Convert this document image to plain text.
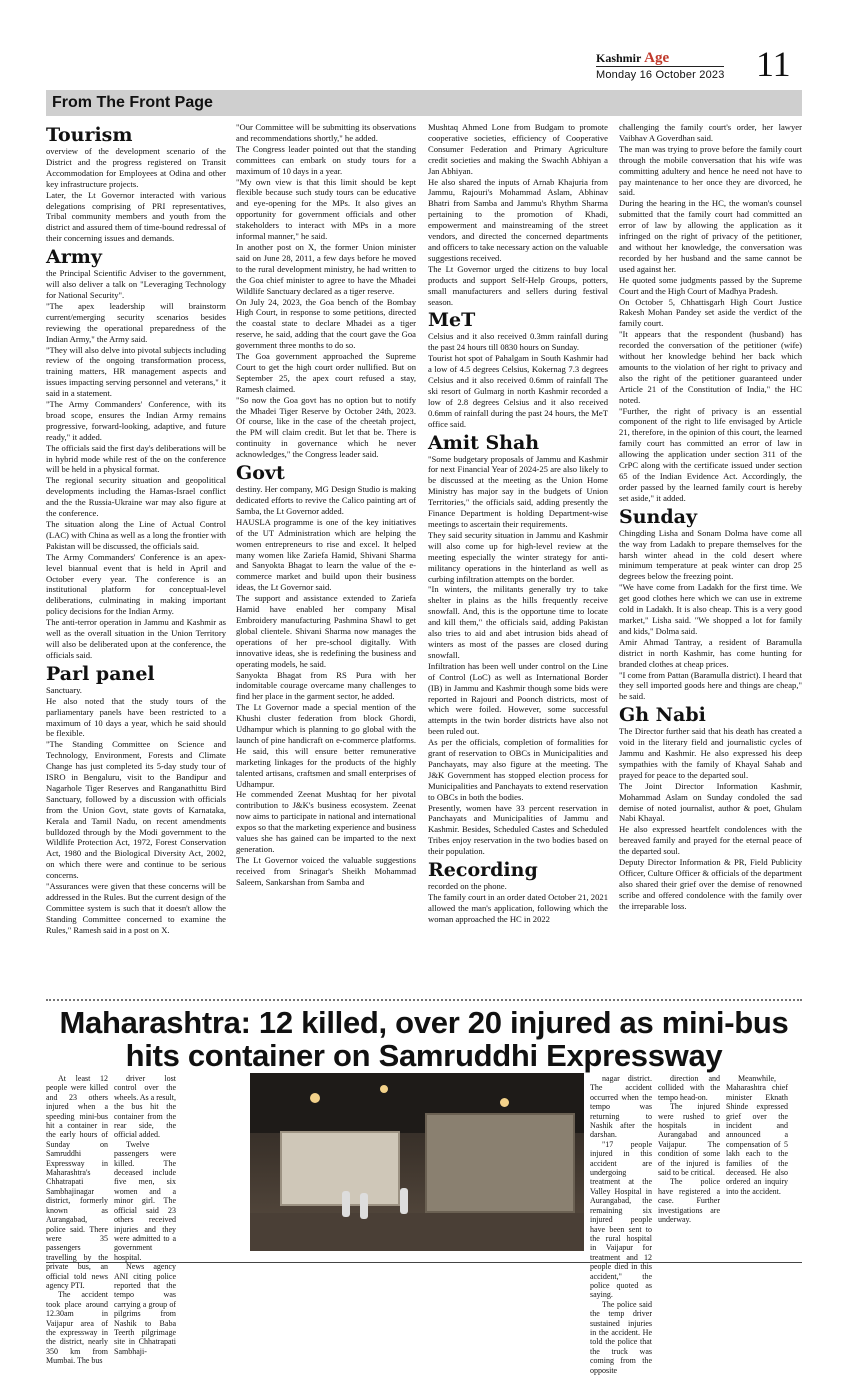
Kashmir Age
Monday 16 October 2023 11
From The Front Page
Tourism

overview of the development scenario of the District and the progress registered on Transit Accommodation for Employees at Odina and other key infrastructure projects.

Later, the Lt Governor interacted with various delegations comprising of PRI representatives, Tribal community members and youth from the district and assured them of time-bound redressal of their concerning issues and demands.

Army

the Principal Scientific Adviser to the government, will also deliver a talk on "Leveraging Technology for National Security".

"The apex leadership will brainstorm current/emerging security scenarios besides reviewing the operational preparedness of the Indian Army," the Army said.

"They will also delve into pivotal subjects including review of the ongoing transformation process, training matters, HR management aspects and issues impacting serving personnel and veterans," it said in a statement.

"The Army Commanders' Conference, with its broad scope, ensures the Indian Army remains progressive, forward-looking, adaptive, and future ready," it added.

The officials said the first day's deliberations will be in hybrid mode while rest of the on the conference will be held in a physical format.

The regional security situation and geopolitical developments including the Hamas-Israel conflict and the the Russia-Ukraine war may also figure at the conference.

The situation along the Line of Actual Control (LAC) with China as well as a long the frontier with Pakistan will be discussed, the officials said.

The Army Commanders' Conference is an apex-level biannual event that is held in April and October every year. The conference is an institutional platform for conceptual-level deliberations, culminating in making important policy decisions for the Indian Army.

The anti-terror operation in Jammu and Kashmir as well as the overall situation in the Union Territory will also be deliberated upon at the conference, the officials said.

Parl panel

Sanctuary.

He also noted that the study tours of the parliamentary panels have been restricted to a maximum of 10 days a year, which he said should be flexible.

"The Standing Committee on Science and Technology, Environment, Forests and Climate Change has just completed its 5-day study tour of ISRO in Bengaluru, visit to the Bandipur and Nagarhole Tiger Reserves and Ranganathittu Bird Sanctuary, followed by a discussion with officials from the Union Govt, state govts of Karnataka, Kerala and Tamil Nadu, on recent amendments bulldozed through by the Modi government to the Wildlife Protection Act, 1972, Forest Conservation Act, 1980 and the Biological Diversity Act, 2002, on which there were and continue to be serious concerns.

"Assurances were given that these concerns will be addressed in the Rules. But the current design of the Committee system is such that it doesn't allow the Standing Committee concerned to examine the Rules," Ramesh said in a post on X.

"Our Committee will be submitting its observations and recommendations shortly," he added.

The Congress leader pointed out that the standing committees can embark on study tours for a maximum of 10 days in a year.

"My own view is that this limit should be kept flexible because such study tours can be educative and eye-opening for the MPs. It also gives an opportunity for government officials and other stakeholders to interact with MPs in a more informal manner," he said.

In another post on X, the former Union minister said on June 28, 2011, a few days before he moved to the rural development ministry, he had written to the Goa chief minister to agree to have the Mhadei Wildlife Sanctuary declared as a tiger reserve.

On July 24, 2023, the Goa bench of the Bombay High Court, in response to some petitions, directed the coastal state to declare Mhadei as a tiger reserve, he said, adding that the court gave the Goa government three months to do so.

The Goa government approached the Supreme Court to get the high court order nullified. But on September 25, the apex court refused a stay, Ramesh claimed.

"So now the Goa govt has no option but to notify the Mhadei Tiger Reserve by October 24th, 2023. Of course, like in the case of the cheetah project, the PM will claim credit. But let that be. There is continuity in governance which he never acknowledges," the Congress leader said.

Govt

destiny. Her company, MG Design Studio is making dedicated efforts to revive the Calico painting art of Samba, the Lt Governor added.

HAUSLA programme is one of the key initiatives of the UT Administration which are helping the women entrepreneurs to rise and excel. It helped many women like Zariefa Hamid, Shivani Sharma and Sanyokta Bhagat to learn the value of the e-commerce market and build upon their business ideas, the Lt Governor said.

The support and assistance extended to Zariefa Hamid have enabled her company Misal Embroidery manufacturing Pashmina Shawl to get global clientele. Shivani Sharma now manages the operations of her pre-school digitally. With innovative ideas, she is redefining the business and operating models, he said.

Sanyokta Bhagat from RS Pura with her indomitable courage overcame many challenges to find her place in the garment sector, he added.

The Lt Governor made a special mention of the Khushi cluster federation from block Ghordi, Udhampur which is planning to go global with the launch of pine handicraft on e-commerce platforms. He said, this will ensure better remunerative marketing linkages for the products of the highly talented artisans, craftsmen and small enterprises of Udhampur.

He commended Zeenat Mushtaq for her pivotal contribution to J&K's business ecosystem. Zeenat now aims to participate in national and international expos so that the marketing experience and business values she has gained can be imparted to the next generation.

The Lt Governor voiced the valuable suggestions received from Srinagar's Sheikh Mohammad Saleem, Sankarshan from Samba and

Mushtaq Ahmed Lone from Budgam to promote cooperative societies, efficiency of Cooperative Consumer Federation and Primary Agriculture credit societies and making the Swachh Abhiyan a Jan Abhiyan.

He also shared the inputs of Arnab Khajuria from Jammu, Rajouri's Mohammad Aslam, Abhinav Bhatri from Samba and Jammu's Rhythm Sharma pertaining to the promotion of Khadi, empowerment and mainstreaming of the street vendors, and directed the concerned departments and officers to take necessary action on the valuable suggestions received.

The Lt Governor urged the citizens to buy local products and support Self-Help Groups, potters, small manufacturers and sellers during festival season.

MeT

Celsius and it also received 0.3mm rainfall during the past 24 hours till 0830 hours on Sunday.

Tourist hot spot of Pahalgam in South Kashmir had a low of 4.5 degrees Celsius, Kokernag 7.3 degrees Celsius and it also received 0.6mm of rainfall The ski resort of Gulmarg in north Kashmir recorded a low of 2.8 degrees Celsius and it also received 0.6mm of rainfall during the past 24 hours, the MeT office said.

Amit Shah

"Some budgetary proposals of Jammu and Kashmir for next Financial Year of 2024-25 are also likely to be discussed at the meeting as the Union Home Ministry has major say in the budgets of Union Territories," the officials said, adding presently the Finance Department is holding Department-wise meetings to ascertain their requirements.

They said security situation in Jammu and Kashmir will also come up for high-level review at the meeting especially the winter strategy for anti-militancy operations in the hinterland as well as curbing infiltration attempts on the border.

"In winters, the militants generally try to take shelter in plains as the hills frequently receive snowfall. And, this is the opportune time to locate and kill them," the officials said, adding Pakistan also tries to aid and abet intrusion bids ahead of winters as most of the passes are closed during snowfall.

Infiltration has been well under control on the Line of Control (LoC) as well as International Border (IB) in Jammu and Kashmir though some bids were reported in Rajouri and Poonch districts, most of which were foiled. However, some successful attempts in the twin border districts have also not been ruled out.

As per the officials, completion of formalities for grant of reservation to OBCs in Municipalities and Panchayats, may also figure at the meeting. The J&K Government has stopped election process for Municipalities and Panchayats to extend reservation to OBCs in both the bodies.

Presently, women have 33 percent reservation in Panchayats and Municipalities of Jammu and Kashmir. Besides, Scheduled Castes and Scheduled Tribes enjoy reservation in the two bodies based on their population.

Recording

recorded on the phone.

The family court in an order dated October 21, 2021 allowed the man's application, following which the woman approached the HC in 2022

challenging the family court's order, her lawyer Vaibhav A Goverdhan said.

The man was trying to prove before the family court through the mobile conversation that his wife was committing adultery and hence he need not have to pay maintenance to her once they are divorced, he said.

During the hearing in the HC, the woman's counsel submitted that the family court had committed an error of law by allowing the application as it infringed on the right of privacy of the petitioner, and without her knowledge, the conversation was recorded by her husband and the same cannot be used against her.

He quoted some judgments passed by the Supreme Court and the High Court of Madhya Pradesh.

On October 5, Chhattisgarh High Court Justice Rakesh Mohan Pandey set aside the verdict of the family court.

"It appears that the respondent (husband) has recorded the conversation of the petitioner (wife) without her knowledge behind her back which amounts to the violation of her right to privacy and also the right of the petitioner guaranteed under Article 21 of the Constitution of India," the HC noted.

"Further, the right of privacy is an essential component of the right to life envisaged by Article 21, therefore, in the opinion of this court, the learned family court has committed an error of law in allowing the application under section 311 of the CrPC along with the certificate issued under section 65 of the Indian Evidence Act. Accordingly, the order passed by the learned family court is hereby set aside," it added.

Sunday

Chingding Lisha and Sonam Dolma have come all the way from Ladakh to prepare themselves for the harsh winter ahead in the cold desert where minimum temperature at peak winter can drop 25 degrees below the freezing point.

"We have come from Ladakh for the first time. We get good clothes here which we can use in extreme cold in Ladakh. It is also cheap. This is a very good market," Lisha said. "We shopped a lot for family and kids," Dolma said.

Amir Ahmad Tantray, a resident of Baramulla district in north Kashmir, has come hunting for branded clothes at cheap prices.

"I come from Pattan (Baramulla district). I heard that they sell imported goods here and things are cheap," he said.

Gh Nabi

The Director further said that his death has created a void in the literary field and journalistic cycles of Jammu and Kashmir. He also expressed his deep sympathies with the family of Khayal Sahab and prayed for peace to the departed soul.

The Joint Director Information Kashmir, Mohammad Aslam on Sunday condoled the sad demise of noted journalist, author & poet, Ghulam Nabi Khayal.

He also expressed heartfelt condolences with the bereaved family and prayed for the eternal peace of the departed soul.

Deputy Director Information & PR, Field Publicity Officer, Culture Officer & officials of the department also shared their grief over the demise of renowned scribe and offered condolence with the family over the irreparable loss.

Maharashtra: 12 killed, over 20 injured as mini-bus
hits container on Samruddhi Expressway

At least 12 people were killed and 23 others injured when a speeding mini-bus hit a container in the early hours of Sunday on Samruddhi Expressway in Maharashtra's Chhatrapati Sambhajinagar district, formerly known as Aurangabad, police said. There were 35 passengers travelling by the private bus, an official told news agency PTI.

The accident took place around 12.30am in Vaijapur area of the expressway in the district, nearly 350 km from Mumbai. The bus

driver lost control over the wheels. As a result, the bus hit the container from the rear side, the official added.

Twelve passengers were killed. The deceased include five men, six women and a minor girl. The official said 23 others received injuries and they were admitted to a government hospital.

News agency ANI citing police reported that the tempo was carrying a group of pilgrims from Nashik to Baba Teerth pilgrimage site in Chhatrapati Sambhaji-

nagar district. The accident occurred when the tempo was returning to Nashik after the darshan.

"17 people injured in this accident are undergoing treatment at the Valley Hospital in Aurangabad, the remaining six injured people have been sent to the rural hospital in Vaijapur for treatment and 12 people died in this accident," the police quoted as saying.

The police said the temp driver sustained injuries in the accident. He told the police that the truck was coming from the opposite

direction and collided with the tempo head-on.

The injured were rushed to hospitals in Aurangabad and Vaijapur. The condition of some of the injured is said to be critical.

The police have registered a case. Further investigations are underway.

Meanwhile, Maharashtra chief minister Eknath Shinde expressed grief over the incident and announced a compensation of 5 lakh each to the families of the deceased. He also ordered an inquiry into the accident.
